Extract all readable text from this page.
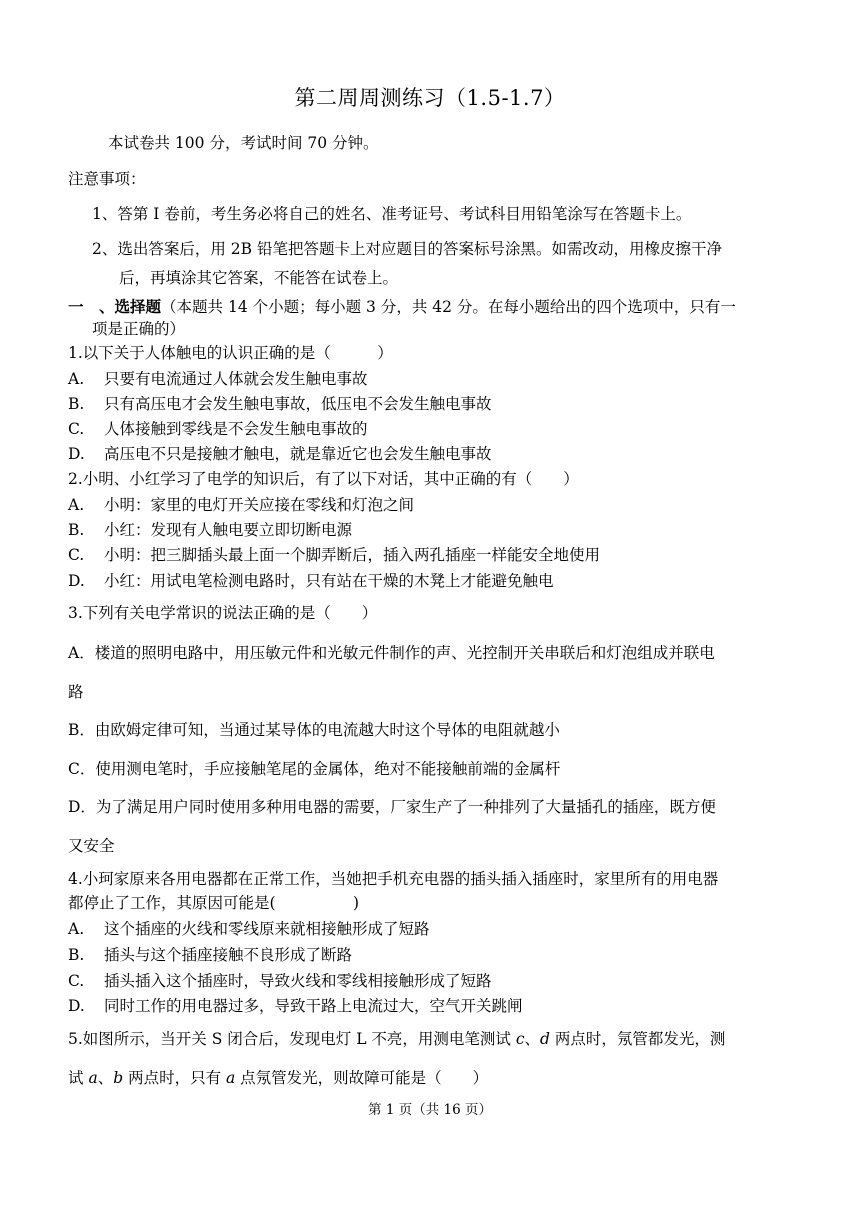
第二周周测练习（1.5-1.7）
本试卷共 100 分，考试时间 70 分钟。
注意事项：
1、答第 I 卷前，考生务必将自己的姓名、准考证号、考试科目用铅笔涂写在答题卡上。
2、选出答案后，用 2B 铅笔把答题卡上对应题目的答案标号涂黑。如需改动，用橡皮擦干净
后，再填涂其它答案，不能答在试卷上。
一　、选择题（本题共 14 个小题；每小题 3 分，共 42 分。在每小题给出的四个选项中，只有一
项是正确的）
1.以下关于人体触电的认识正确的是（　　　）
A. 只要有电流通过人体就会发生触电事故
B. 只有高压电才会发生触电事故，低压电不会发生触电事故
C. 人体接触到零线是不会发生触电事故的
D. 高压电不只是接触才触电，就是靠近它也会发生触电事故
2.小明、小红学习了电学的知识后，有了以下对话，其中正确的有（　　）
A. 小明：家里的电灯开关应接在零线和灯泡之间
B. 小红：发现有人触电要立即切断电源
C. 小明：把三脚插头最上面一个脚弄断后，插入两孔插座一样能安全地使用
D. 小红：用试电笔检测电路时，只有站在干燥的木凳上才能避免触电
3.下列有关电学常识的说法正确的是（　　）
A．楼道的照明电路中，用压敏元件和光敏元件制作的声、光控制开关串联后和灯泡组成并联电
路
B．由欧姆定律可知，当通过某导体的电流越大时这个导体的电阻就越小
C．使用测电笔时，手应接触笔尾的金属体，绝对不能接触前端的金属杆
D．为了满足用户同时使用多种用电器的需要，厂家生产了一种排列了大量插孔的插座，既方便
又安全
4.小珂家原来各用电器都在正常工作，当她把手机充电器的插头插入插座时，家里所有的用电器
都停止了工作，其原因可能是(　　　　　)
A. 这个插座的火线和零线原来就相接触形成了短路
B. 插头与这个插座接触不良形成了断路
C. 插头插入这个插座时，导致火线和零线相接触形成了短路
D. 同时工作的用电器过多，导致干路上电流过大，空气开关跳闸
5.如图所示，当开关 S 闭合后，发现电灯 L 不亮，用测电笔测试 c、d 两点时，氖管都发光，测
试 a、b 两点时，只有 a 点氖管发光，则故障可能是（　　）
第 1 页（共 16 页）
